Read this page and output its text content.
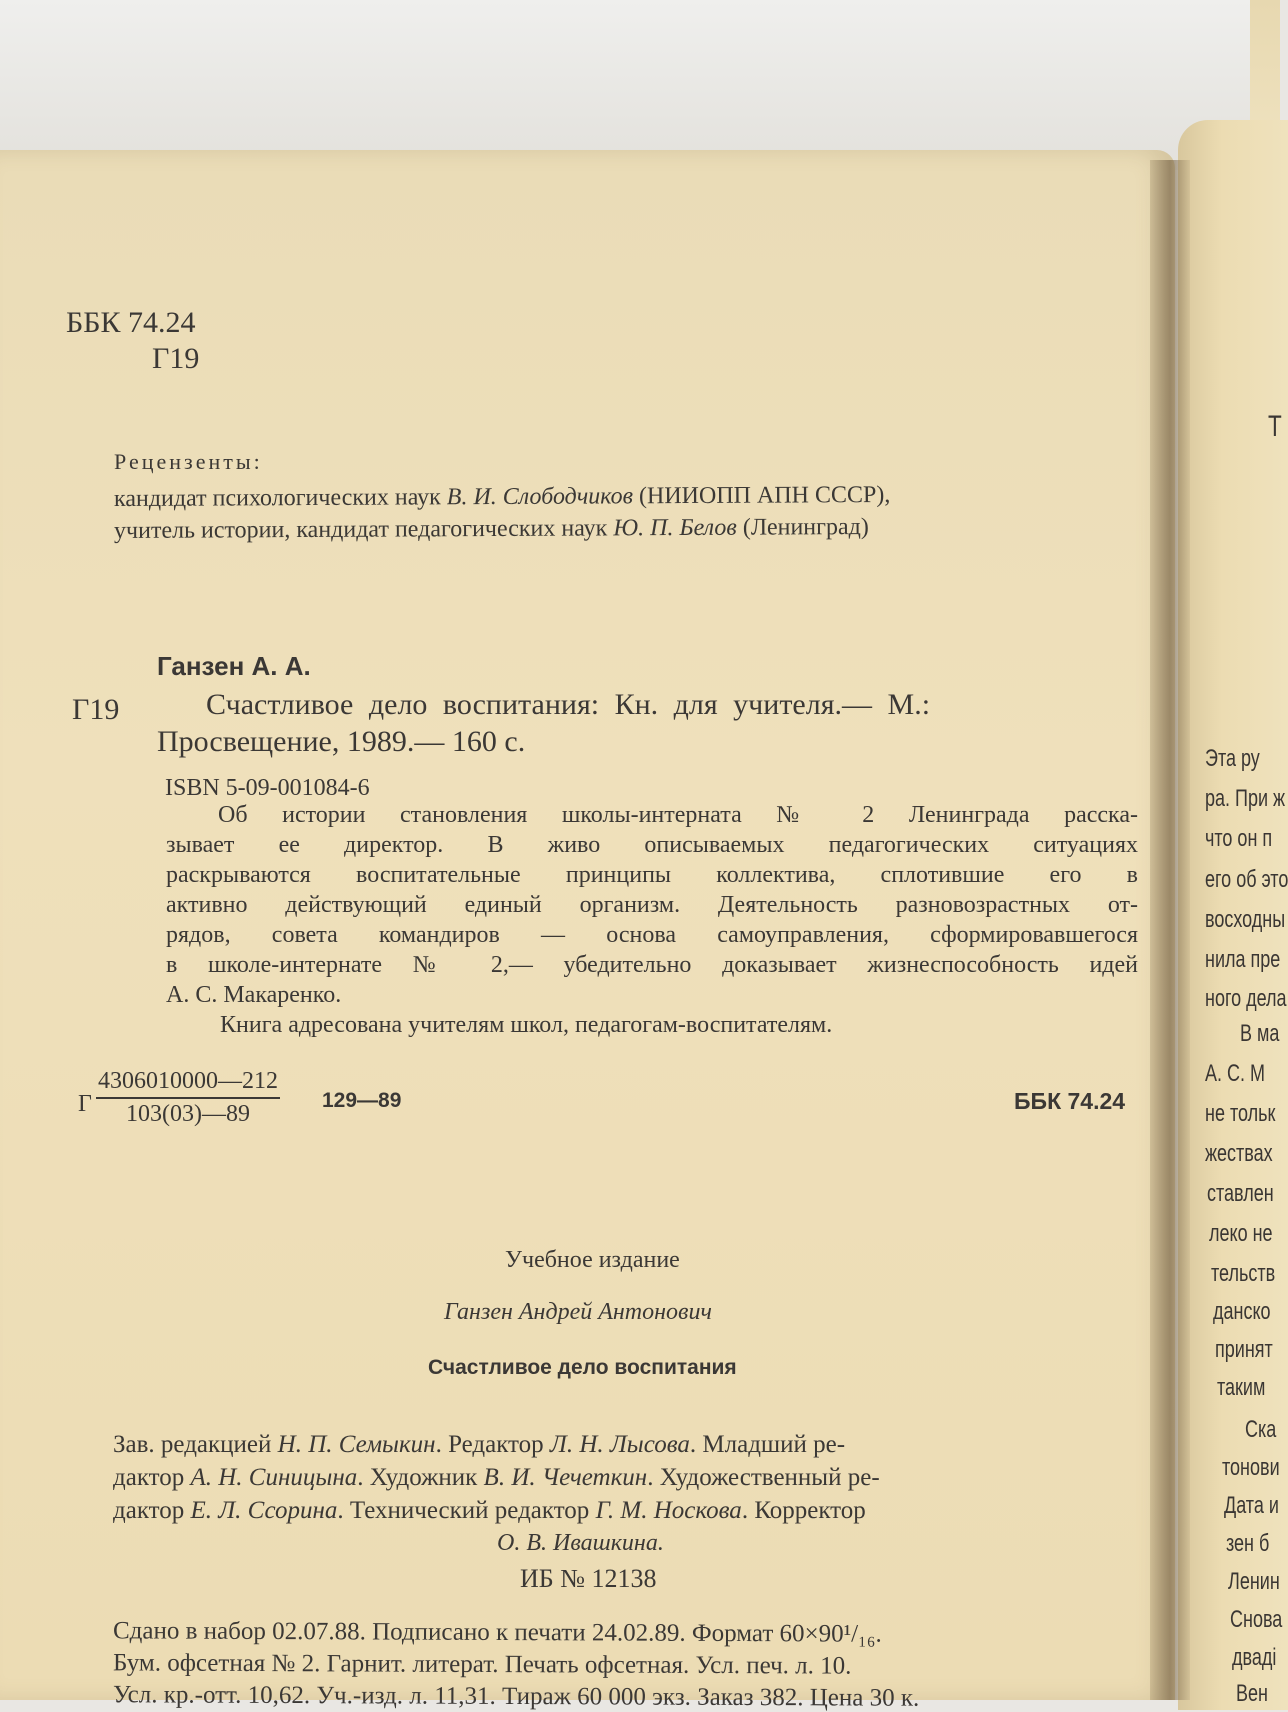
ББК 74.24
Г19
Рецензенты:
кандидат психологических наук В. И. Слободчиков (НИИОПП АПН СССР),
учитель истории, кандидат педагогических наук Ю. П. Белов (Ленинград)
Ганзен А. А.
Г19	Счастливое дело воспитания: Кн. для учителя.— М.:
Просвещение, 1989.— 160 с.
ISBN 5-09-001084-6
Об истории становления школы-интерната № 2 Ленинграда расска-
зывает ее директор. В живо описываемых педагогических ситуациях
раскрываются воспитательные принципы коллектива, сплотившие его в
активно действующий единый организм. Деятельность разновозрастных от-
рядов, совета командиров — основа самоуправления, сформировавшегося
в школе-интернате № 2,— убедительно доказывает жизнеспособность идей
А. С. Макаренко.
Книга адресована учителям школ, педагогам-воспитателям.
Г $\frac{4306010000—212}{103(03)—89}$ 129—89	ББК 74.24
Учебное издание
Ганзен Андрей Антонович
Счастливое дело воспитания
Зав. редакцией Н. П. Семыкин. Редактор Л. Н. Лысова. Младший ре-
дактор А. Н. Синицына. Художник В. И. Чечеткин. Художественный ре-
дактор Е. Л. Ссорина. Технический редактор Г. М. Носкова. Корректор
О. В. Ивашкина.
ИБ № 12138
Сдано в набор 02.07.88. Подписано к печати 24.02.89. Формат 60×90¹/₁₆.
Бум. офсетная № 2. Гарнит. литерат. Печать офсетная. Усл. печ. л. 10.
Усл. кр.-отт. 10,62. Уч.-изд. л. 11,31. Тираж 60 000 экз. Заказ 382. Цена 30 к.
Т
Эта ру
ра. При ж
что он п
его об это
восходны
нила пре
ного дела
В ма
А. С. М
не тольк
жествах
ставлен
леко не
тельств
данско
принят
таким
Ска
тонови
Дата и
зен б
Ленин
Снова
дваді
Вен
